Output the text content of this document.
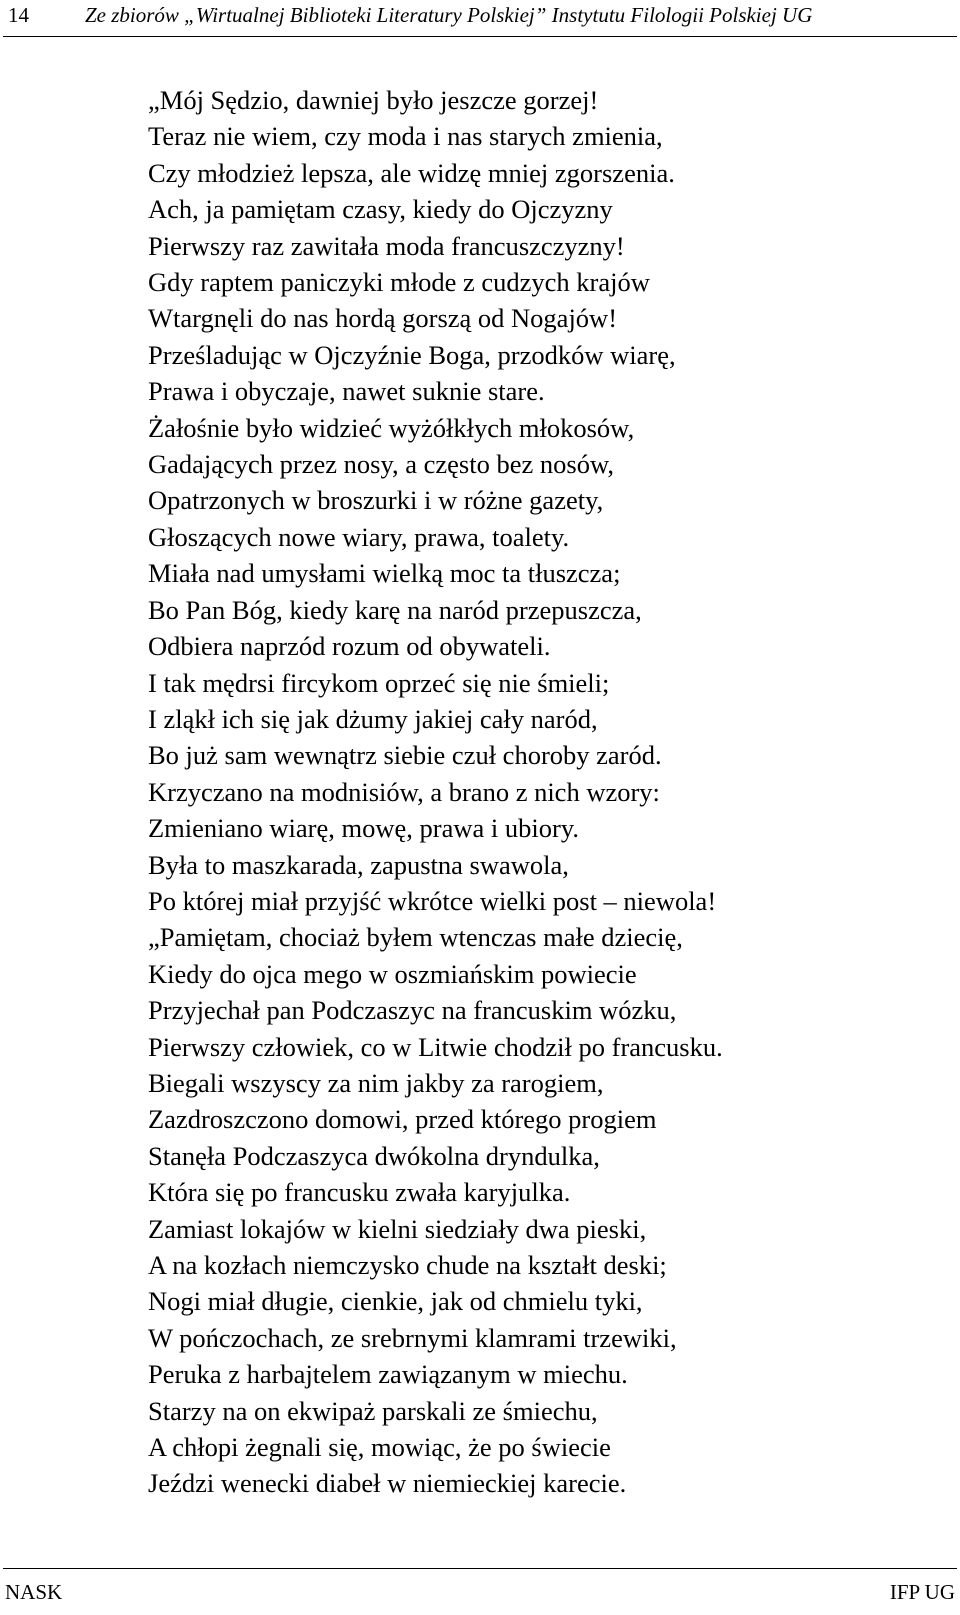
14	Ze zbiorów „Wirtualnej Biblioteki Literatury Polskiej” Instytutu Filologii Polskiej UG
„Mój Sędzio, dawniej było jeszcze gorzej!
Teraz nie wiem, czy moda i nas starych zmienia,
Czy młodzież lepsza, ale widzę mniej zgorszenia.
Ach, ja pamiętam czasy, kiedy do Ojczyzny
Pierwszy raz zawitała moda francuszczyzny!
Gdy raptem paniczyki młode z cudzych krajów
Wtargnęli do nas hordą gorszą od Nogajów!
Prześladując w Ojczyźnie Boga, przodków wiarę,
Prawa i obyczaje, nawet suknie stare.
Żałośnie było widzieć wyżółkłych młokosów,
Gadających przez nosy, a często bez nosów,
Opatrzonych w broszurki i w różne gazety,
Głoszących nowe wiary, prawa, toalety.
Miała nad umysłami wielką moc ta tłuszcza;
Bo Pan Bóg, kiedy karę na naród przepuszcza,
Odbiera naprzód rozum od obywateli.
I tak mędrsi fircykom oprzeć się nie śmieli;
I zląkł ich się jak dżumy jakiej cały naród,
Bo już sam wewnątrz siebie czuł choroby zaród.
Krzyczano na modnisiów, a brano z nich wzory:
Zmieniano wiarę, mowę, prawa i ubiory.
Była to maszkarada, zapustna swawola,
Po której miał przyjść wkrótce wielki post – niewola!
„Pamiętam, chociaż byłem wtenczas małe dziecię,
Kiedy do ojca mego w oszmiańskim powiecie
Przyjechał pan Podczaszyc na francuskim wózku,
Pierwszy człowiek, co w Litwie chodził po francusku.
Biegali wszyscy za nim jakby za rarogiem,
Zazdroszczono domowi, przed którego progiem
Stanęła Podczaszyca dwókolna dryndulka,
Która się po francusku zwała karyjulka.
Zamiast lokajów w kielni siedziały dwa pieski,
A na kozłach niemczysko chude na kształt deski;
Nogi miał długie, cienkie, jak od chmielu tyki,
W pończochach, ze srebrnymi klamrami trzewiki,
Peruka z harbajtelem zawiązanym w miechu.
Starzy na on ekwipaż parskali ze śmiechu,
A chłopi żegnali się, mowiąc, że po świecie
Jeździ wenecki diabeł w niemieckiej karecie.
NASK	IFP UG
